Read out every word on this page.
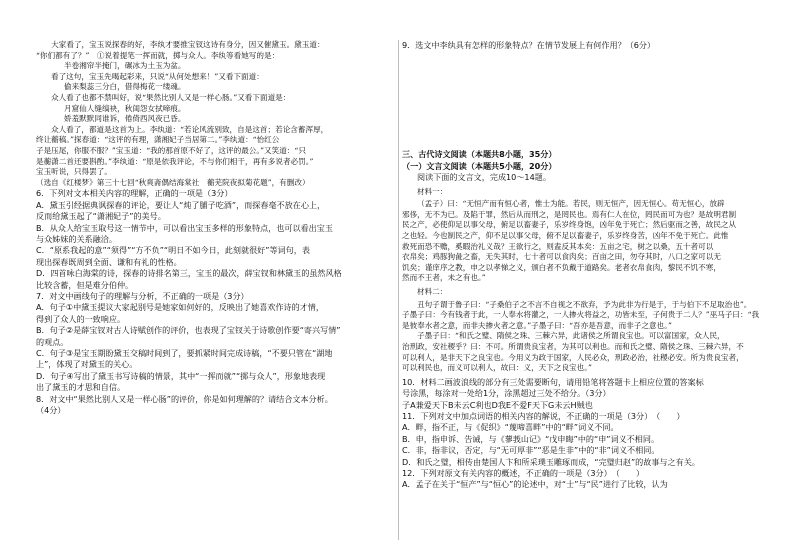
　　大家看了，宝玉说探春的好，李纨才要推宝钗这诗有身分，因又催黛玉。黛玉道：
“你们都有了？”　①说着提笔一挥而就，掷与众人。李纨等看她写的是：
半卷湘帘半掩门，碾冰为土玉为盆。
看了这句，宝玉先喝起彩来，只说“从何处想来！”又看下面道：
偷来梨蕊三分白，借得梅花一缕魂。
众人看了也都不禁叫好，说“果然比别人又是一样心肠。”又看下面道是：
月窟仙人缝缟袂，秋闺怨女拭啼痕。
娇羞默默同谁诉，倦倚西风夜已昏。
众人看了，都道是这首为上。李纨道：“若论风流别致，自是这首；若论含蓄浑厚，
终让蘅稿。”探春道：“这评的有理，潇湘妃子当居第二。”李纨道：“怡红公
子是压尾，你服不服？”宝玉道：“我的那首原不好了，这评的最公。”又笑道：“只
是蘅潇二首还要斟酌。”李纨道：“原是依我评论，不与你们相干，再有多说者必罚。”
宝玉听说，只得罢了。
（选自《红楼梦》第三十七回“秋爽斋偶结海棠社　蘅芜院夜拟菊花题”，有删改）
6．下列对文本相关内容的理解，正确的一项是（3分）
A．黛玉引经据典讽探春的评论，要让人“炖了脯子吃酒”，而探春毫不放在心上，
反而给黛玉起了“潇湘妃子”的美号。
B．从众人给宝玉取号这一情节中，可以看出宝玉多样的形象特点，也可以看出宝玉
与众姊妹的关系融洽。
C．“原系我起的意”“须得”“方不负”“明日不如今日，此刻就很好”等词句，表
现出探春既周到全面、谦和有礼的性格。
D．四首咏白海棠的诗，探春的诗排名第三，宝玉的最次，薛宝钗和林黛玉的虽然风格
比较含蓄，但是难分伯仲。
7．对文中画线句子的理解与分析，不正确的一项是（3分）
A．句子①中黛玉提议大家起别号是她家如何好的，反映出了她喜欢作诗的才情，
得到了众人的一致响应。
B．句子②是薛宝钗对古人诗赋创作的评价，也表现了宝钗关于诗歌创作要“寄兴写情”
的观点。
C．句子③是宝玉期盼黛玉交稿时间到了，要抓紧时间完成诗稿，“不要只管在“湖地
上”，体现了对黛玉的关心。
D．句子④写出了黛玉书写诗稿的情景，其中“一挥而就”“掷与众人”，形象地表现
出了黛玉的才思和自信。
8．对文中“果然比别人又是一样心肠”的评价，你是如何理解的？请结合文本分析。
（4分）
9．选文中李纨具有怎样的形象特点？在情节发展上有何作用？（6分）
三、古代诗文阅读（本题共8小题，35分）
（一）文言文阅读（本题共5小题，20分）
阅读下面的文言文，完成10～14题。
材料一：
（孟子）曰：“无恒产而有恒心者，惟士为能。若民，则无恒产，因无恒心。苟无恒心，放辟
邪侈，无不为已。及陷于罪，然后从而刑之，是罔民也。焉有仁人在位，罔民而可为也？是故明君制
民之产，必使仰足以事父母，俯足以畜妻子，乐岁终身饱，凶年免于死亡；然后驱而之善，故民之从
之也轻。今也制民之产，仰不足以事父母，俯不足以畜妻子，乐岁终身苦，凶年不免于死亡。此惟
救死而恐不赡，奚暇治礼义哉？王欲行之，则盍反其本矣：五亩之宅，树之以桑，五十者可以
衣帛矣；鸡豚狗彘之畜，无失其时，七十者可以食肉矣；百亩之田，勿夺其时，八口之家可以无
饥矣；谨庠序之教，申之以孝悌之义，颁白者不负戴于道路矣。老者衣帛食肉，黎民不饥不寒，
然而不王者，未之有也。”
材料二：
丑句子谓于鲁子曰：“子桑伯子之不言不自视之不欲弃，予为此非为行是于，于与伯下不足取治也”。
子墨子曰：今有钱者于此，一人奉水将灌之，一人掺火将益之，功皆未至，子何贵于二人？”巫马子曰：“我
是彼奉水者之意，而非夫掺火者之意。”子墨子曰：“吾亦是吾意，而非子之意也。”
子墨子曰：“和氏之璧、隋侯之珠、三棘六异，此诸侯之所谓良宝也。可以富国家，众人民，
治刑政，安社稷乎？曰：不可。所谓贵良宝者，为其可以利也。而和氏之璧、隋侯之珠、三棘六异，不
可以利人，是非天下之良宝也。今用义为政于国家，人民必众，刑政必治，社稷必安。所为贵良宝者，
可以利民也，而义可以利人，故曰：义，天下之良宝也。”
10．材料二画波浪线的部分有三处需要断句，请用铅笔将答题卡上相应位置的答案标
号涂黑，每涂对一处给1分，涂黑超过三处不给分。（3分）
子A兼爱天下B未云C利也D我E不爱F天下G未云H贼也
11．下列对文中加点词语的相关内容的解说，不正确的一项是（3分）　（　　）
A．畔，指不正，与《促织》“蔑啼喜畔”中的“畔”词义不同。
B．申，指申诉、告诫，与《蓼莪山记》“戊申晦”中的“申”词义不相同。
C．非，指非议，否定，与“无可厚非”“恶是生非”中的“非”词义不相同。
D．和氏之璧，相传由楚国人卞和所采璞玉雕琢而成，“完璧归赵”的故事与之有关。
12．下列对原文有关内容的概述，不正确的一项是（3分）　（　　）
A．孟子在关于“恒产”与“恒心”的论述中，对“士”与“民”进行了比较，认为
